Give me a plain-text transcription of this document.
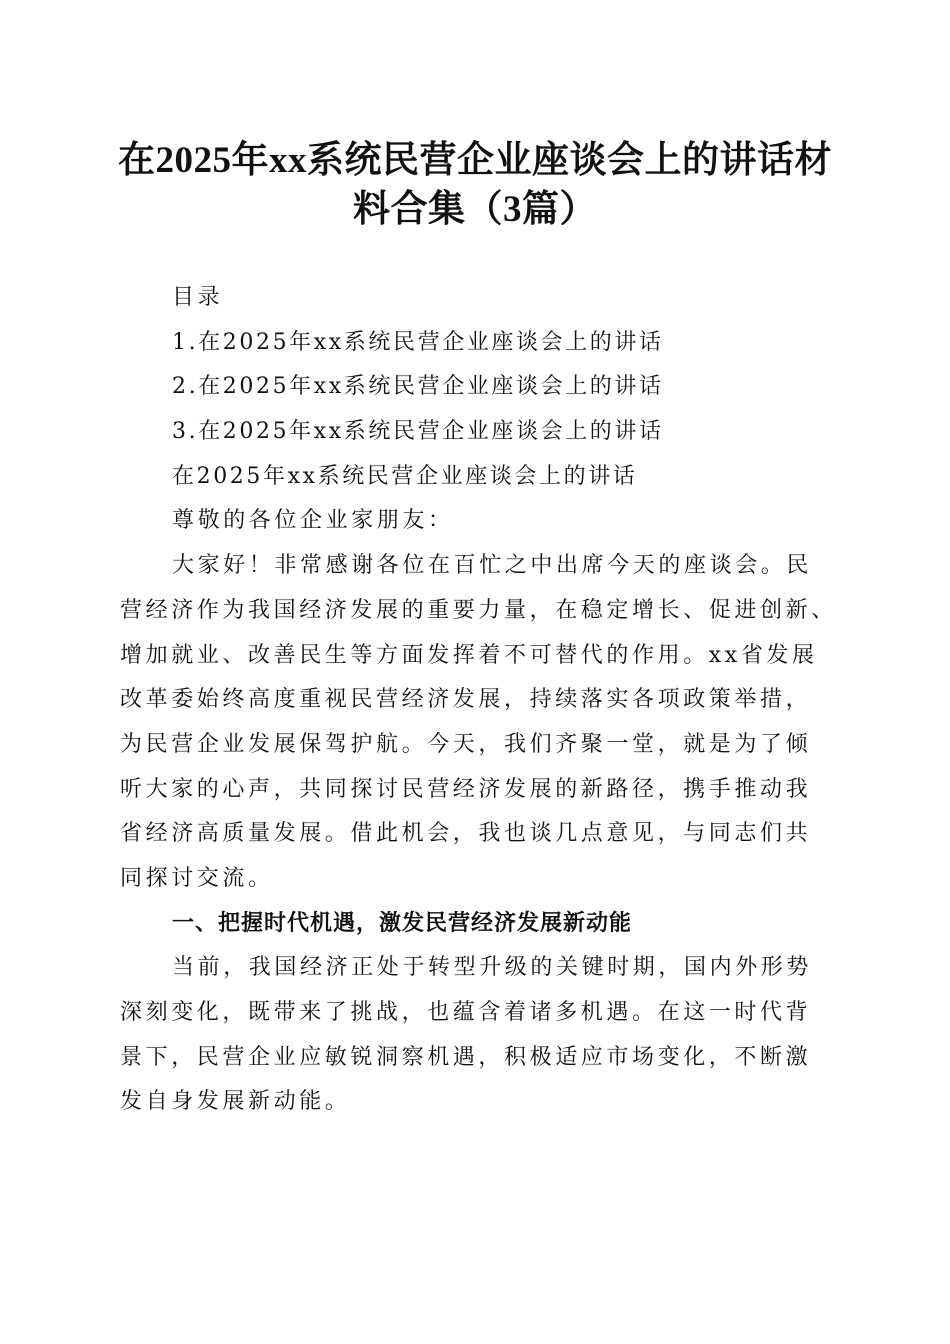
在2025年xx系统民营企业座谈会上的讲话材
料合集（3篇）
目录
1.在2025年xx系统民营企业座谈会上的讲话
2.在2025年xx系统民营企业座谈会上的讲话
3.在2025年xx系统民营企业座谈会上的讲话
在2025年xx系统民营企业座谈会上的讲话
尊敬的各位企业家朋友：
大家好！非常感谢各位在百忙之中出席今天的座谈会。民
营经济作为我国经济发展的重要力量，在稳定增长、促进创新、
增加就业、改善民生等方面发挥着不可替代的作用。xx省发展
改革委始终高度重视民营经济发展，持续落实各项政策举措，
为民营企业发展保驾护航。今天，我们齐聚一堂，就是为了倾
听大家的心声，共同探讨民营经济发展的新路径，携手推动我
省经济高质量发展。借此机会，我也谈几点意见，与同志们共
同探讨交流。
一、把握时代机遇，激发民营经济发展新动能
当前，我国经济正处于转型升级的关键时期，国内外形势
深刻变化，既带来了挑战，也蕴含着诸多机遇。在这一时代背
景下，民营企业应敏锐洞察机遇，积极适应市场变化，不断激
发自身发展新动能。
